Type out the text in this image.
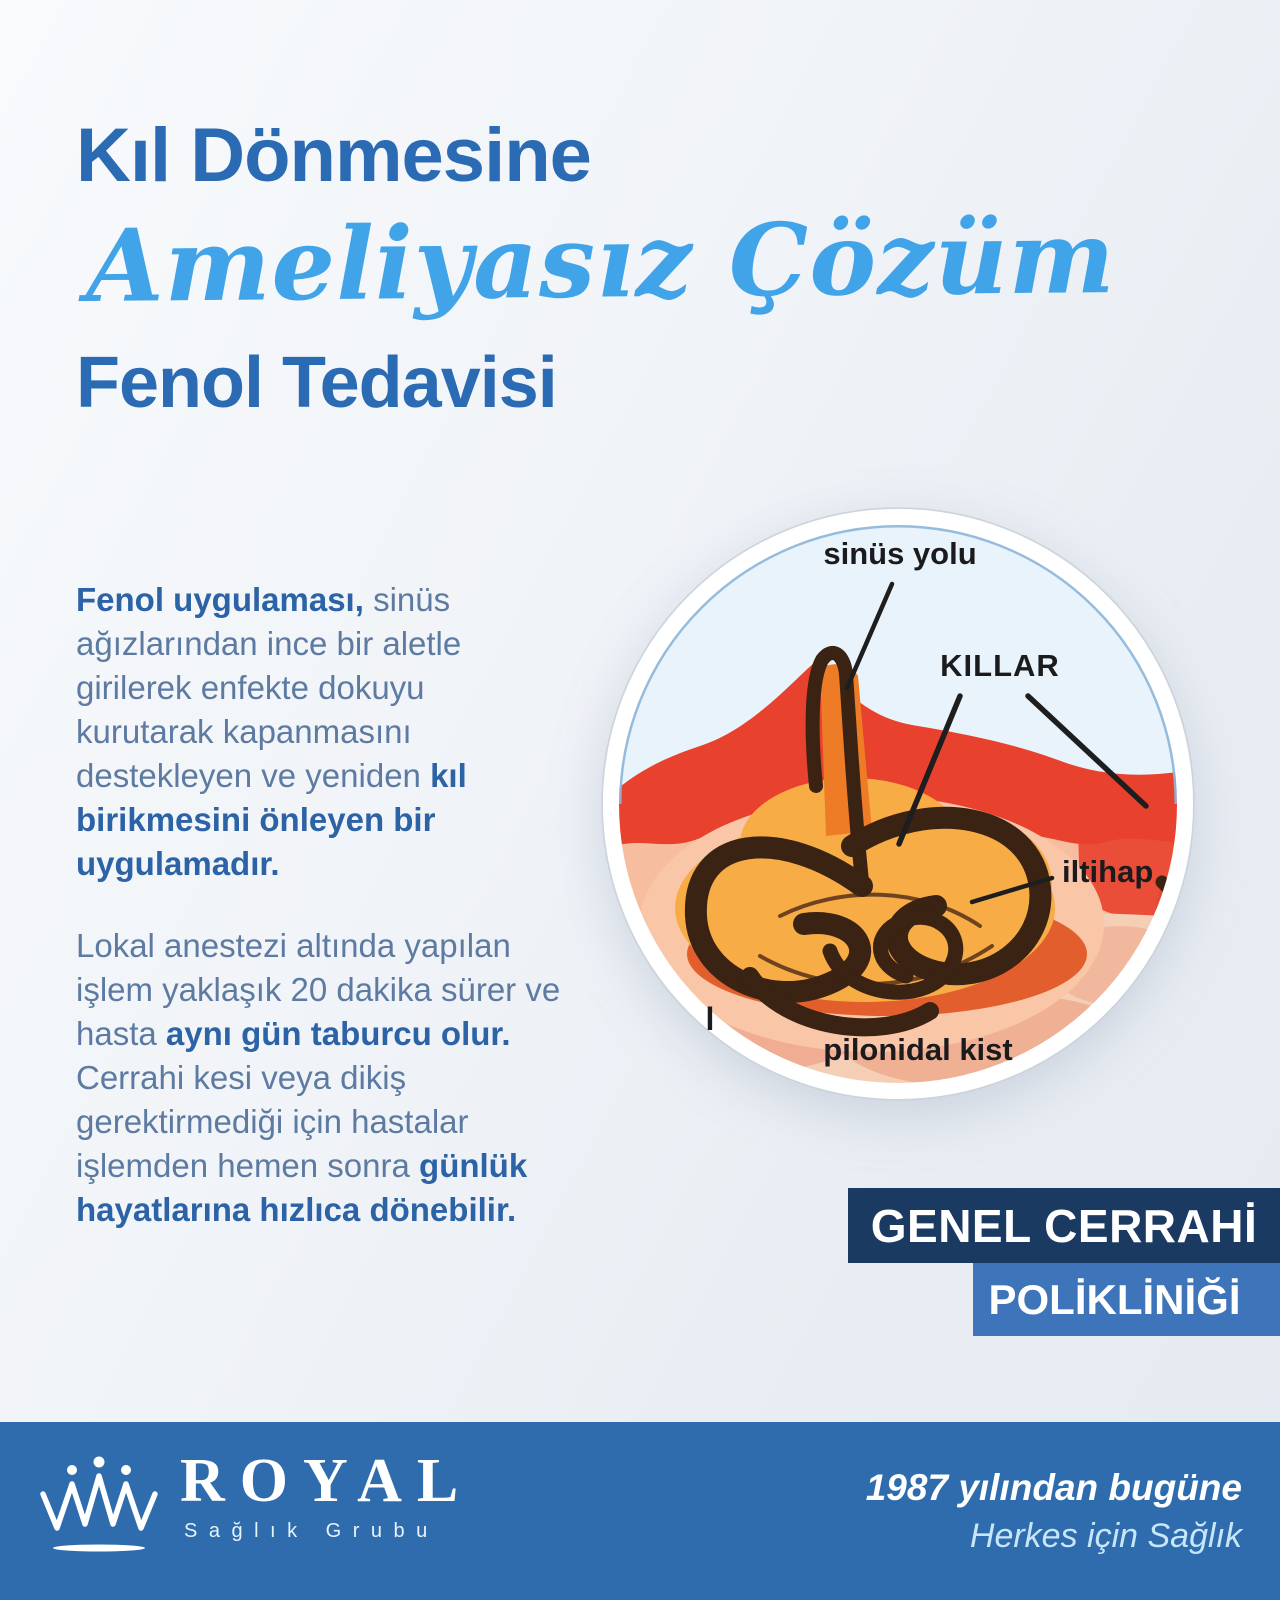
Kıl Dönmesine
Ameliyasız Çözüm
Fenol Tedavisi
Fenol uygulaması, sinüs
ağızlarından ince bir aletle
girilerek enfekte dokuyu
kurutarak kapanmasını
destekleyen ve yeniden kıl
birikmesini önleyen bir
uygulamadır.
Lokal anestezi altında yapılan
işlem yaklaşık 20 dakika sürer ve
hasta aynı gün taburcu olur.
Cerrahi kesi veya dikiş
gerektirmediği için hastalar
işlemden hemen sonra günlük
hayatlarına hızlıca dönebilir.
sinüs yolu
KILLAR
iltihap
pilonidal kist
l
GENEL CERRAHİ
POLİKLİNİĞİ
ROYAL
Sağlık Grubu
1987 yılından bugüne
Herkes için Sağlık
